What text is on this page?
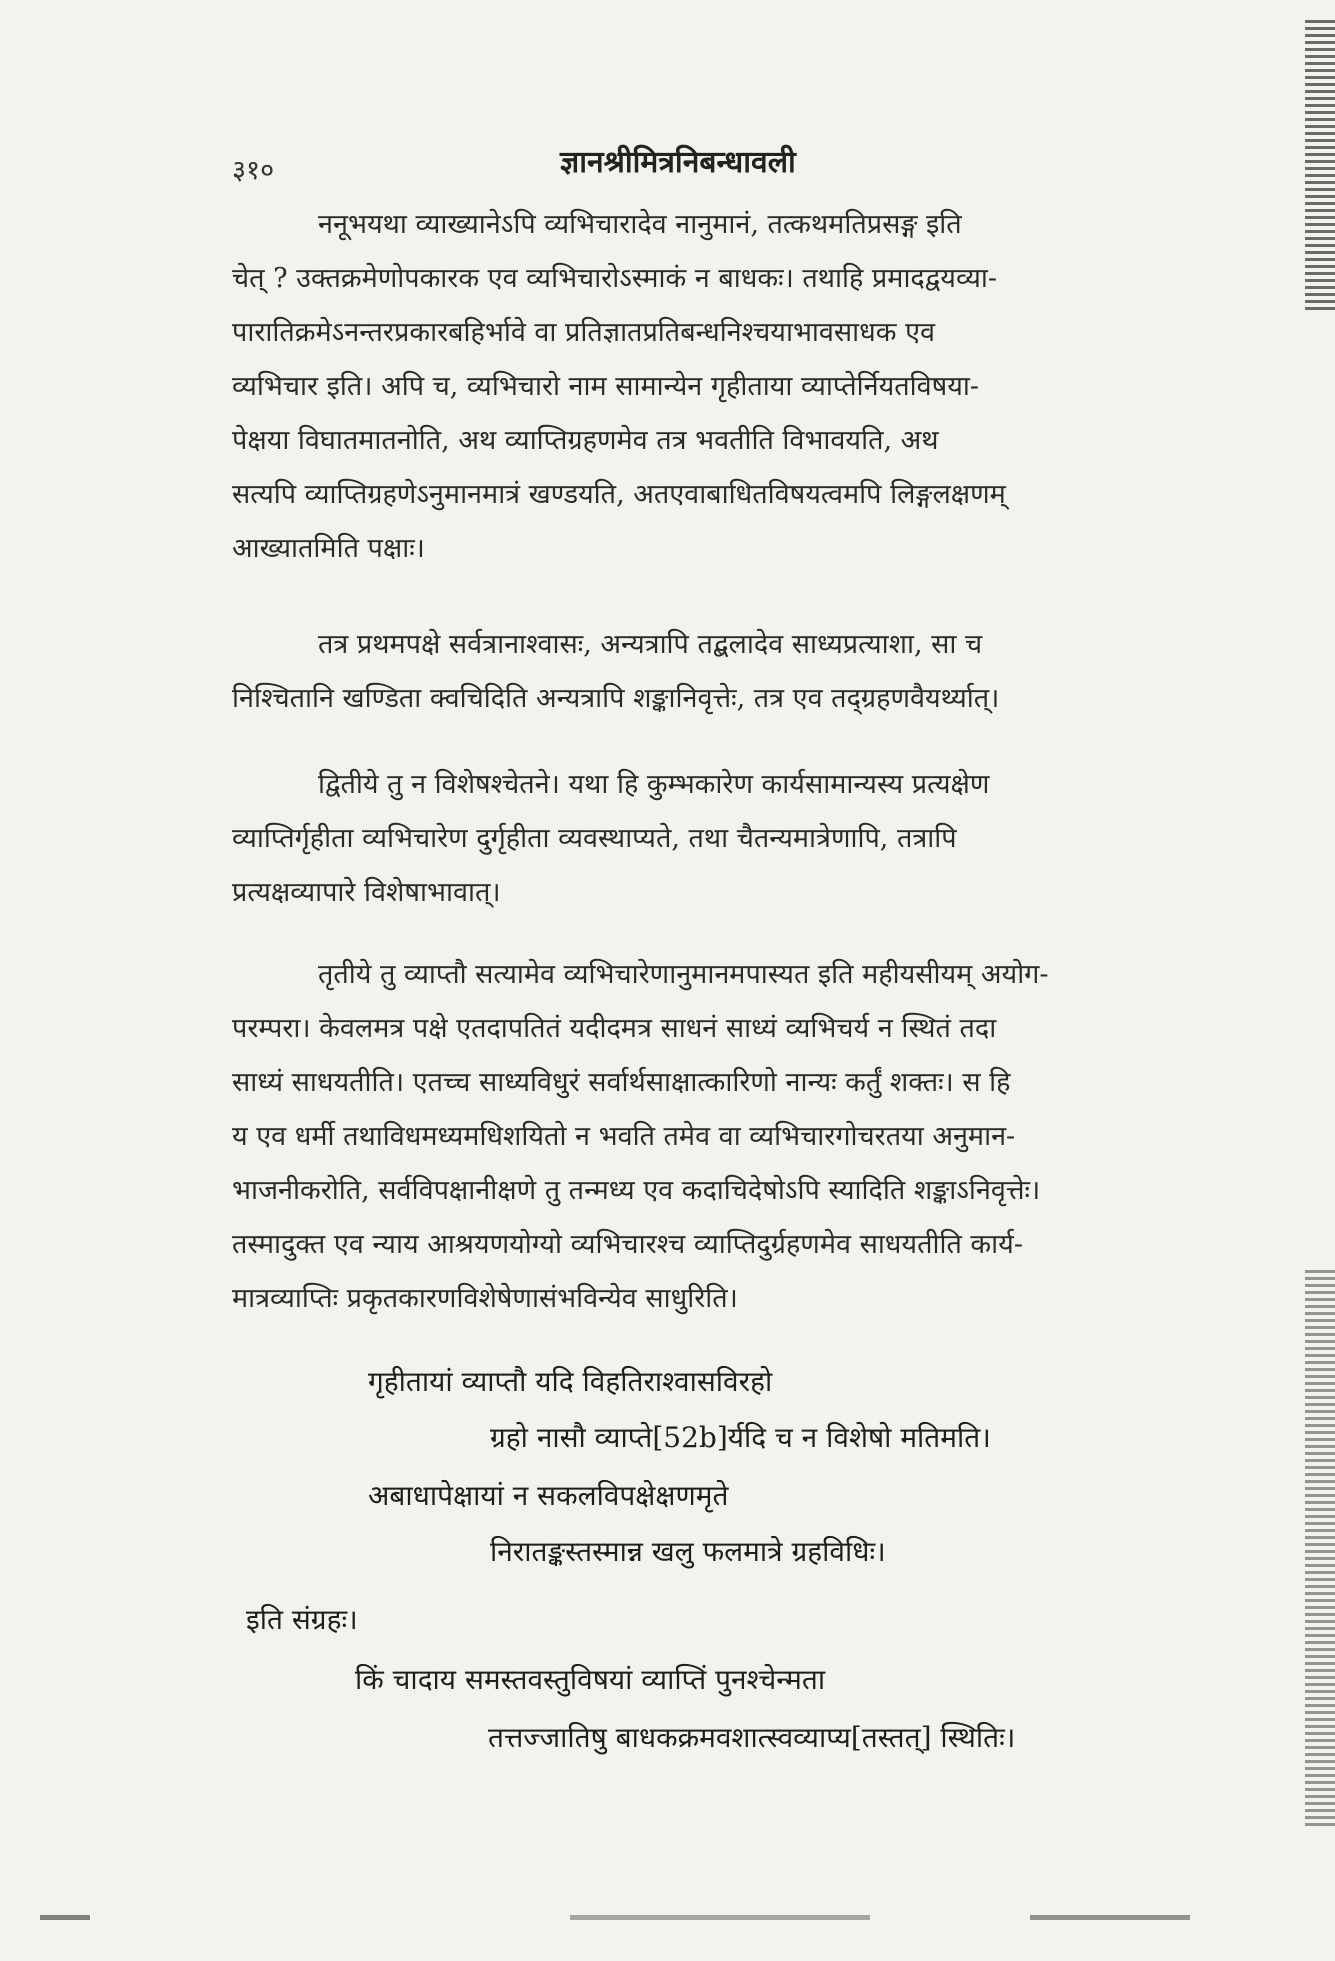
३१०	ज्ञानश्रीमित्रनिबन्धावली
ननूभयथा व्याख्यानेऽपि व्यभिचारादेव नानुमानं, तत्कथमतिप्रसङ्ग इति
चेत् ? उक्तक्रमेणोपकारक एव व्यभिचारोऽस्माकं न बाधकः। तथाहि प्रमादद्वयव्या-
पारातिक्रमेऽनन्तरप्रकारबहिर्भावे वा प्रतिज्ञातप्रतिबन्धनिश्चयाभावसाधक एव
व्यभिचार इति। अपि च, व्यभिचारो नाम सामान्येन गृहीताया व्याप्तेर्नियतविषया-
पेक्षया विघातमातनोति, अथ व्याप्तिग्रहणमेव तत्र भवतीति विभावयति, अथ
सत्यपि व्याप्तिग्रहणेऽनुमानमात्रं खण्डयति, अतएवाबाधितविषयत्वमपि लिङ्गलक्षणम्
आख्यातमिति पक्षाः।
तत्र प्रथमपक्षे सर्वत्रानाश्वासः, अन्यत्रापि तद्बलादेव साध्यप्रत्याशा, सा च
निश्चितानि खण्डिता क्वचिदिति अन्यत्रापि शङ्कानिवृत्तेः, तत्र एव तद्ग्रहणवैयर्थ्यात्।
द्वितीये तु न विशेषश्चेतने। यथा हि कुम्भकारेण कार्यसामान्यस्य प्रत्यक्षेण
व्याप्तिर्गृहीता व्यभिचारेण दुर्गृहीता व्यवस्थाप्यते, तथा चैतन्यमात्रेणापि, तत्रापि
प्रत्यक्षव्यापारे विशेषाभावात्।
तृतीये तु व्याप्तौ सत्यामेव व्यभिचारेणानुमानमपास्यत इति महीयसीयम् अयोग-
परम्परा। केवलमत्र पक्षे एतदापतितं यदीदमत्र साधनं साध्यं व्यभिचर्य न स्थितं तदा
साध्यं साधयतीति। एतच्च साध्यविधुरं सर्वार्थसाक्षात्कारिणो नान्यः कर्तुं शक्तः। स हि
य एव धर्मी तथाविधमध्यमधिशयितो न भवति तमेव वा व्यभिचारगोचरतया अनुमान-
भाजनीकरोति, सर्वविपक्षानीक्षणे तु तन्मध्य एव कदाचिदेषोऽपि स्यादिति शङ्काऽनिवृत्तेः।
तस्मादुक्त एव न्याय आश्रयणयोग्यो व्यभिचारश्च व्याप्तिदुर्ग्रहणमेव साधयतीति कार्य-
मात्रव्याप्तिः प्रकृतकारणविशेषेणासंभविन्येव साधुरिति।
गृहीतायां व्याप्तौ यदि विहतिराश्वासविरहो
ग्रहो नासौ व्याप्ते[52b]र्यदि च न विशेषो मतिमति।
अबाधापेक्षायां न सकलविपक्षेक्षणमृते
निरातङ्कस्तस्मान्न खलु फलमात्रे ग्रहविधिः।
इति संग्रहः।
किं चादाय समस्तवस्तुविषयां व्याप्तिं पुनश्चेन्मता
तत्तज्जातिषु बाधकक्रमवशात्स्वव्याप्य[तस्तत्] स्थितिः।
